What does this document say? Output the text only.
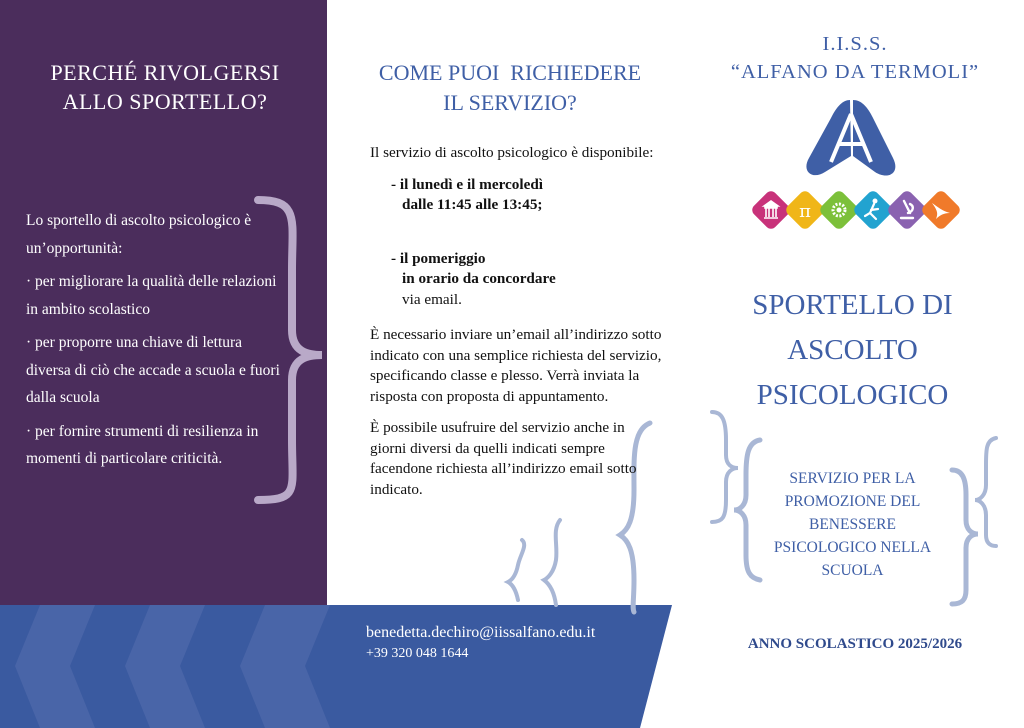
PERCHÉ RIVOLGERSI
ALLO SPORTELLO?

Lo sportello di ascolto psicologico è un’opportunità:

· per migliorare la qualità delle relazioni in ambito scolastico

· per proporre una chiave di lettura diversa di ciò che accade a scuola e fuori dalla scuola

· per fornire strumenti di resilienza in momenti di particolare criticità.

COME PUOI  RICHIEDERE
IL SERVIZIO?

Il servizio di ascolto psicologico è disponibile:

- il lunedì e il mercoledì
dalle 11:45 alle 13:45;
- il pomeriggio
in orario da concordare
via email.

È necessario inviare un’email all’indirizzo sotto indicato con una semplice richiesta del servizio, specificando classe e plesso. Verrà inviata la risposta con proposta di appuntamento.

È possibile usufruire del servizio anche in giorni diversi da quelli indicati sempre facendone richiesta all’indirizzo email sotto indicato.

benedetta.dechiro@iissalfano.edu.it
+39 320 048 1644
I.I.S.S.
“ALFANO DA TERMOLI”
π
SPORTELLO DI
ASCOLTO
PSICOLOGICO
SERVIZIO PER LA PROMOZIONE DEL BENESSERE PSICOLOGICO NELLA SCUOLA
ANNO SCOLASTICO 2025/2026
